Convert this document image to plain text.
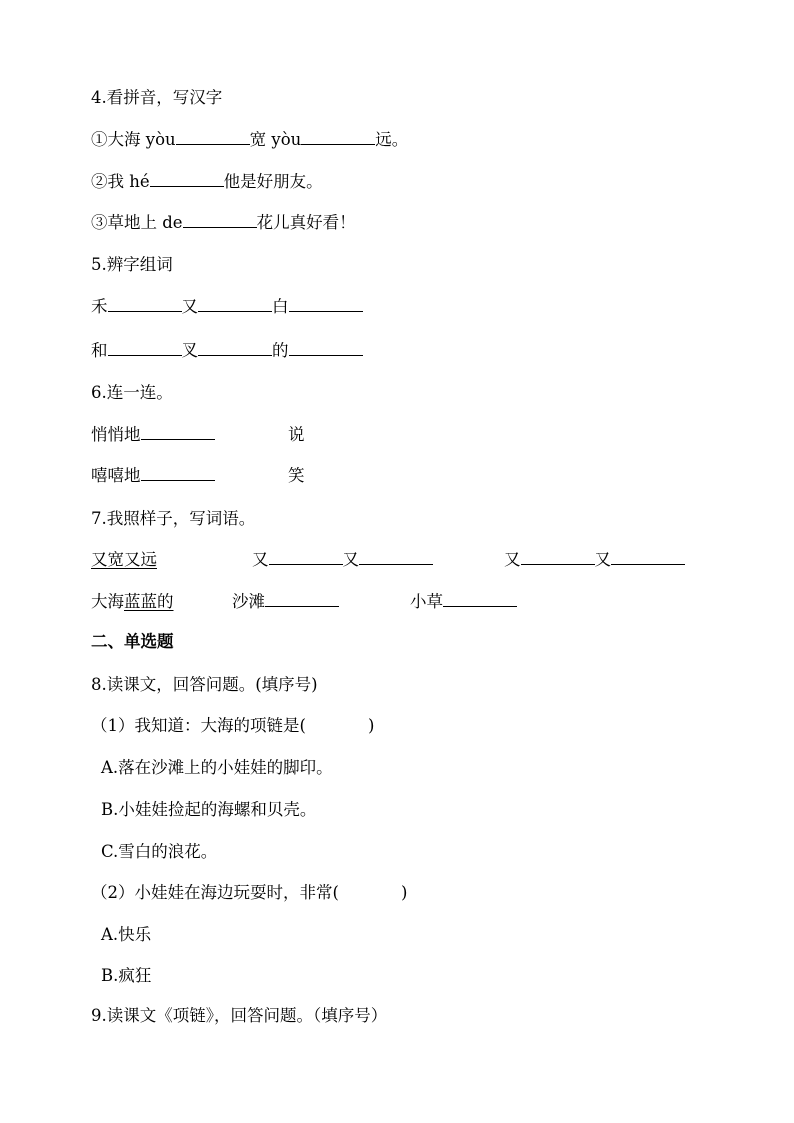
4.看拼音，写汉字
①大海 yòu	宽 yòu	远。
②我 hé	他是好朋友。
③草地上 de	花儿真好看！
5.辨字组词
禾	又	白
和	叉	的
6.连一连。
悄悄地	说
嘻嘻地	笑
7.我照样子，写词语。
又宽又远	又	又	又	又
大海蓝蓝的	沙滩	小草
二、单选题
8.读课文，回答问题。(填序号)
（1）我知道：大海的项链是(	)
A.落在沙滩上的小娃娃的脚印。
B.小娃娃捡起的海螺和贝壳。
C.雪白的浪花。
（2）小娃娃在海边玩耍时，非常(	)
A.快乐
B.疯狂
9.读课文《项链》，回答问题。（填序号）
